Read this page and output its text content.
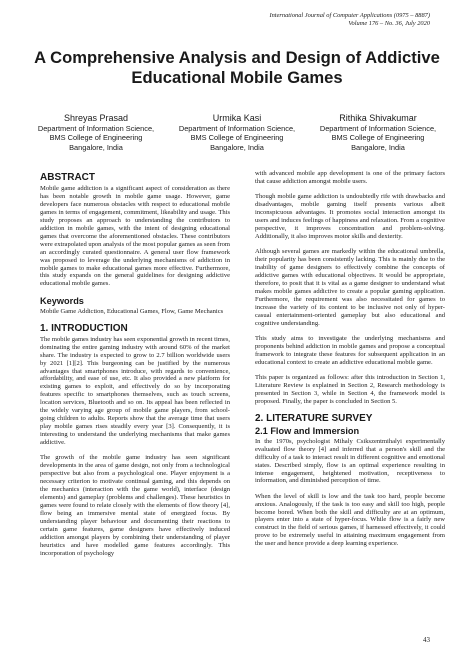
International Journal of Computer Applications (0975 – 8887)
Volume 176 – No. 36, July 2020
A Comprehensive Analysis and Design of Addictive
Educational Mobile Games
Shreyas Prasad
Department of Information Science,
BMS College of Engineering
Bangalore, India
Urmika Kasi
Department of Information Science,
BMS College of Engineering
Bangalore, India
Rithika Shivakumar
Department of Information Science,
BMS College of Engineering
Bangalore, India
ABSTRACT

Mobile game addiction is a significant aspect of consideration as there has been notable growth in mobile game usage. However, game developers face numerous obstacles with respect to educational mobile games in terms of engagement, commitment, likeability and usage. This study proposes an approach to understanding the contributors to addiction in mobile games, with the intent of designing educational games that overcome the aforementioned obstacles. These contributors were extrapolated upon analysis of the most popular games as seen from an accordingly curated questionnaire. A general user flow framework was proposed to leverage the underlying mechanisms of addiction in mobile games to make educational games more effective. Furthermore, this study expands on the general guidelines for designing addictive educational mobile games.

Keywords

Mobile Game Addiction, Educational Games, Flow, Game Mechanics

1. INTRODUCTION

The mobile games industry has seen exponential growth in recent times, dominating the entire gaming industry with around 60% of the market share. The industry is expected to grow to 2.7 billion worldwide users by 2021 [1][2]. This burgeoning can be justified by the numerous advantages that smartphones introduce, with regards to convenience, affordability, and ease of use, etc. It also provided a new platform for existing games to exploit, and effectively do so by incorporating features specific to smartphones themselves, such as touch screens, location services, Bluetooth and so on. Its appeal has been reflected in the widely varying age group of mobile game players, from school-going children to adults. Reports show that the average time that users play mobile games rises steadily every year [3]. Consequently, it is interesting to understand the underlying mechanisms that make games addictive.

The growth of the mobile game industry has seen significant developments in the area of game design, not only from a technological perspective but also from a psychological one. Player enjoyment is a necessary criterion to motivate continual gaming, and this depends on the mechanics (interaction with the game world), interface (design elements) and gameplay (problems and challenges). These heuristics in games were found to relate closely with the elements of flow theory [4], flow being an immersive mental state of energized focus. By understanding player behaviour and documenting their reactions to certain game features, game designers have effectively induced addiction amongst players by combining their understanding of player heuristics and have modelled game features accordingly. This incorporation of psychology

with advanced mobile app development is one of the primary factors that cause addiction amongst mobile users.

Though mobile game addiction is undoubtedly rife with drawbacks and disadvantages, mobile gaming itself presents various albeit inconspicuous advantages. It promotes social interaction amongst its users and induces feelings of happiness and relaxation. From a cognitive perspective, it improves concentration and problem-solving. Additionally, it also improves motor skills and dexterity.

Although several games are markedly within the educational umbrella, their popularity has been consistently lacking. This is mainly due to the inability of game designers to effectively combine the concepts of addictive games with educational objectives. It would be appropriate, therefore, to posit that it is vital as a game designer to understand what makes mobile games addictive to create a popular gaming application. Furthermore, the requirement was also necessitated for games to increase the variety of its content to be inclusive not only of hyper-casual entertainment-oriented gameplay but also educational and cognitive understanding.

This study aims to investigate the underlying mechanisms and proponents behind addiction in mobile games and propose a conceptual framework to integrate these features for subsequent application in an educational context to create an addictive educational mobile game.

This paper is organized as follows: after this introduction in Section 1, Literature Review is explained in Section 2, Research methodology is presented in Section 3, while in Section 4, the framework model is proposed. Finally, the paper is concluded in Section 5.

2. LITERATURE SURVEY
2.1 Flow and Immersion

In the 1970s, psychologist Mihaly Csikszentmihalyi experimentally evaluated flow theory [4] and inferred that a person's skill and the difficulty of a task to interact result in different cognitive and emotional states. Described simply, flow is an optimal experience resulting in intense engagement, heightened motivation, receptiveness to information, and diminished perception of time.

When the level of skill is low and the task too hard, people become anxious. Analogously, if the task is too easy and skill too high, people become bored. When both the skill and difficulty are at an optimum, players enter into a state of hyper-focus. While flow is a fairly new construct in the field of serious games, if harnessed effectively, it could prove to be extremely useful in attaining maximum engagement from the user and hence provide a deep learning experience.

43
